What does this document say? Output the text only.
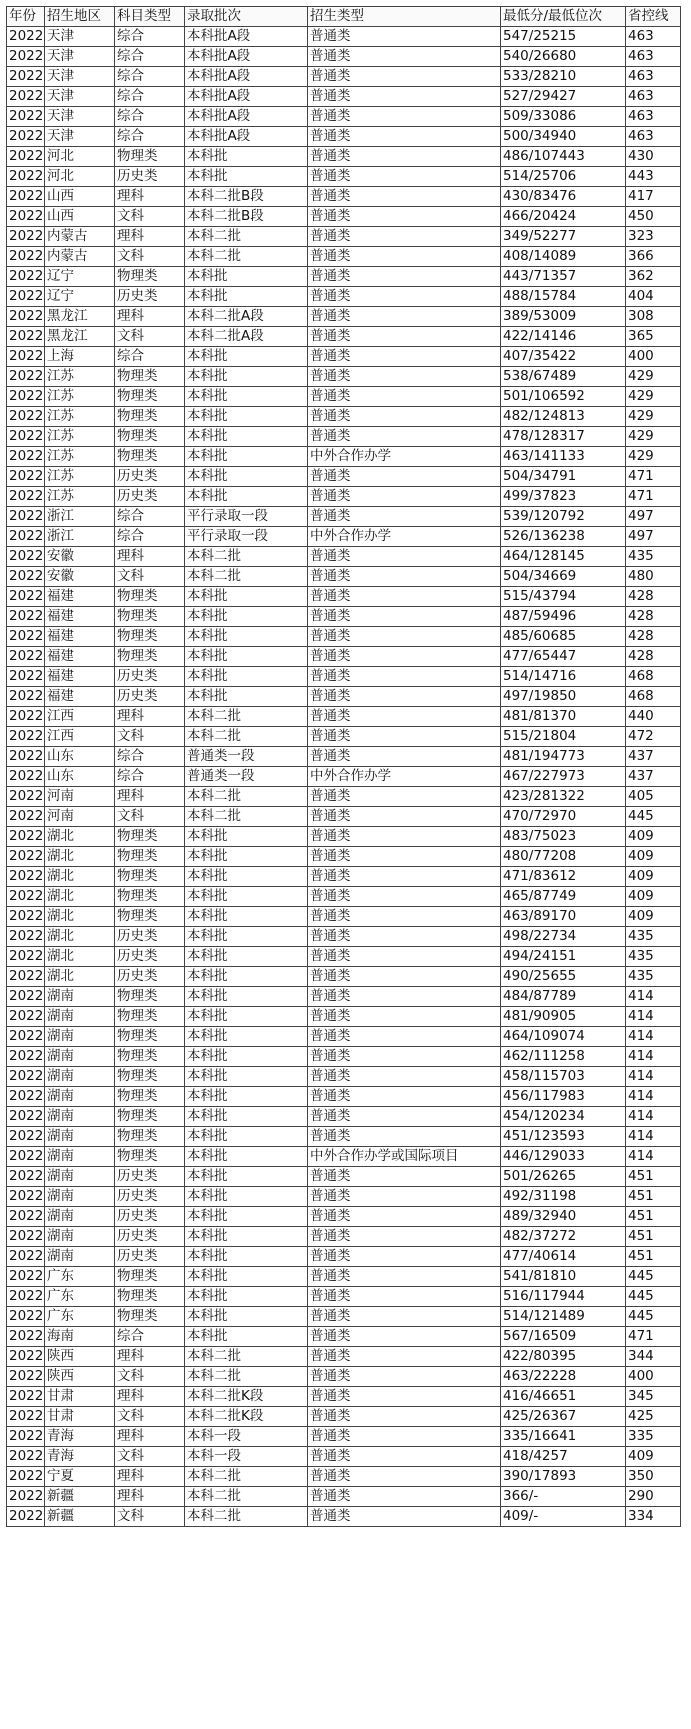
年份	招生地区	科目类型	录取批次	招生类型	最低分/最低位次	省控线
2022	天津	综合	本科批A段	普通类	547/25215	463
2022	天津	综合	本科批A段	普通类	540/26680	463
2022	天津	综合	本科批A段	普通类	533/28210	463
2022	天津	综合	本科批A段	普通类	527/29427	463
2022	天津	综合	本科批A段	普通类	509/33086	463
2022	天津	综合	本科批A段	普通类	500/34940	463
2022	河北	物理类	本科批	普通类	486/107443	430
2022	河北	历史类	本科批	普通类	514/25706	443
2022	山西	理科	本科二批B段	普通类	430/83476	417
2022	山西	文科	本科二批B段	普通类	466/20424	450
2022	内蒙古	理科	本科二批	普通类	349/52277	323
2022	内蒙古	文科	本科二批	普通类	408/14089	366
2022	辽宁	物理类	本科批	普通类	443/71357	362
2022	辽宁	历史类	本科批	普通类	488/15784	404
2022	黑龙江	理科	本科二批A段	普通类	389/53009	308
2022	黑龙江	文科	本科二批A段	普通类	422/14146	365
2022	上海	综合	本科批	普通类	407/35422	400
2022	江苏	物理类	本科批	普通类	538/67489	429
2022	江苏	物理类	本科批	普通类	501/106592	429
2022	江苏	物理类	本科批	普通类	482/124813	429
2022	江苏	物理类	本科批	普通类	478/128317	429
2022	江苏	物理类	本科批	中外合作办学	463/141133	429
2022	江苏	历史类	本科批	普通类	504/34791	471
2022	江苏	历史类	本科批	普通类	499/37823	471
2022	浙江	综合	平行录取一段	普通类	539/120792	497
2022	浙江	综合	平行录取一段	中外合作办学	526/136238	497
2022	安徽	理科	本科二批	普通类	464/128145	435
2022	安徽	文科	本科二批	普通类	504/34669	480
2022	福建	物理类	本科批	普通类	515/43794	428
2022	福建	物理类	本科批	普通类	487/59496	428
2022	福建	物理类	本科批	普通类	485/60685	428
2022	福建	物理类	本科批	普通类	477/65447	428
2022	福建	历史类	本科批	普通类	514/14716	468
2022	福建	历史类	本科批	普通类	497/19850	468
2022	江西	理科	本科二批	普通类	481/81370	440
2022	江西	文科	本科二批	普通类	515/21804	472
2022	山东	综合	普通类一段	普通类	481/194773	437
2022	山东	综合	普通类一段	中外合作办学	467/227973	437
2022	河南	理科	本科二批	普通类	423/281322	405
2022	河南	文科	本科二批	普通类	470/72970	445
2022	湖北	物理类	本科批	普通类	483/75023	409
2022	湖北	物理类	本科批	普通类	480/77208	409
2022	湖北	物理类	本科批	普通类	471/83612	409
2022	湖北	物理类	本科批	普通类	465/87749	409
2022	湖北	物理类	本科批	普通类	463/89170	409
2022	湖北	历史类	本科批	普通类	498/22734	435
2022	湖北	历史类	本科批	普通类	494/24151	435
2022	湖北	历史类	本科批	普通类	490/25655	435
2022	湖南	物理类	本科批	普通类	484/87789	414
2022	湖南	物理类	本科批	普通类	481/90905	414
2022	湖南	物理类	本科批	普通类	464/109074	414
2022	湖南	物理类	本科批	普通类	462/111258	414
2022	湖南	物理类	本科批	普通类	458/115703	414
2022	湖南	物理类	本科批	普通类	456/117983	414
2022	湖南	物理类	本科批	普通类	454/120234	414
2022	湖南	物理类	本科批	普通类	451/123593	414
2022	湖南	物理类	本科批	中外合作办学或国际项目	446/129033	414
2022	湖南	历史类	本科批	普通类	501/26265	451
2022	湖南	历史类	本科批	普通类	492/31198	451
2022	湖南	历史类	本科批	普通类	489/32940	451
2022	湖南	历史类	本科批	普通类	482/37272	451
2022	湖南	历史类	本科批	普通类	477/40614	451
2022	广东	物理类	本科批	普通类	541/81810	445
2022	广东	物理类	本科批	普通类	516/117944	445
2022	广东	物理类	本科批	普通类	514/121489	445
2022	海南	综合	本科批	普通类	567/16509	471
2022	陕西	理科	本科二批	普通类	422/80395	344
2022	陕西	文科	本科二批	普通类	463/22228	400
2022	甘肃	理科	本科二批K段	普通类	416/46651	345
2022	甘肃	文科	本科二批K段	普通类	425/26367	425
2022	青海	理科	本科一段	普通类	335/16641	335
2022	青海	文科	本科一段	普通类	418/4257	409
2022	宁夏	理科	本科二批	普通类	390/17893	350
2022	新疆	理科	本科二批	普通类	366/-	290
2022	新疆	文科	本科二批	普通类	409/-	334
